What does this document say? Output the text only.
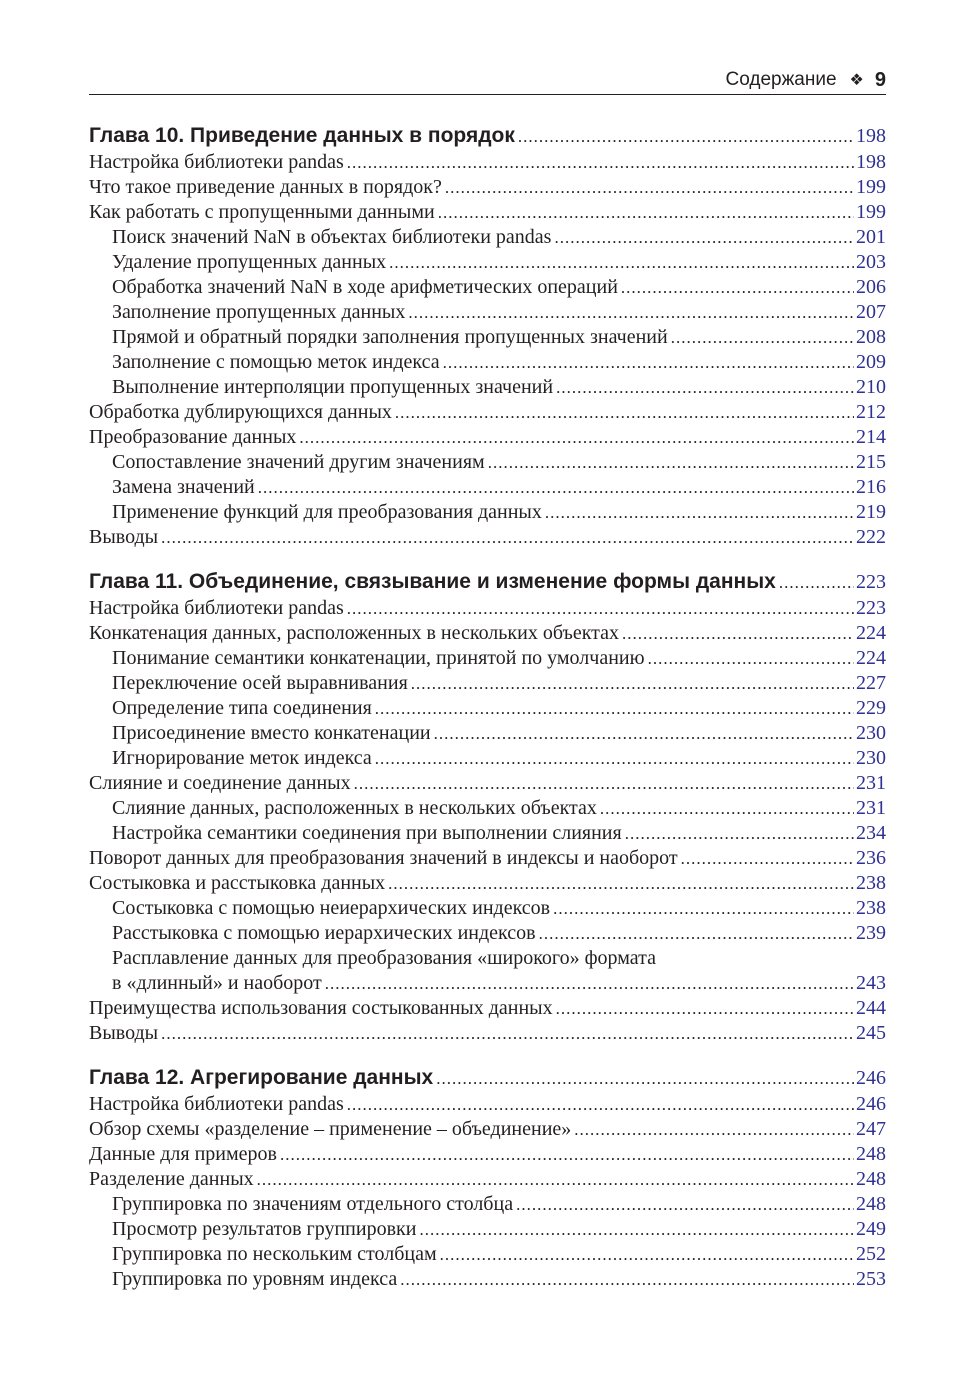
Содержание ❖ 9
Глава 10. Приведение данных в порядок .....	198
Настройка библиотеки pandas .....	198
Что такое приведение данных в порядок? .....	199
Как работать с пропущенными данными .....	199
Поиск значений NaN в объектах библиотеки pandas .....	201
Удаление пропущенных данных .....	203
Обработка значений NaN в ходе арифметических операций .....	206
Заполнение пропущенных данных .....	207
Прямой и обратный порядки заполнения пропущенных значений .....	208
Заполнение с помощью меток индекса .....	209
Выполнение интерполяции пропущенных значений .....	210
Обработка дублирующихся данных .....	212
Преобразование данных .....	214
Сопоставление значений другим значениям .....	215
Замена значений .....	216
Применение функций для преобразования данных .....	219
Выводы .....	222
Глава 11. Объединение, связывание и изменение формы данных .....	223
Настройка библиотеки pandas .....	223
Конкатенация данных, расположенных в нескольких объектах .....	224
Понимание семантики конкатенации, принятой по умолчанию .....	224
Переключение осей выравнивания .....	227
Определение типа соединения .....	229
Присоединение вместо конкатенации .....	230
Игнорирование меток индекса .....	230
Слияние и соединение данных .....	231
Слияние данных, расположенных в нескольких объектах .....	231
Настройка семантики соединения при выполнении слияния .....	234
Поворот данных для преобразования значений в индексы и наоборот .....	236
Состыковка и расстыковка данных .....	238
Состыковка с помощью неиерархических индексов .....	238
Расстыковка с помощью иерархических индексов .....	239
Расплавление данных для преобразования «широкого» формата
в «длинный» и наоборот .....	243
Преимущества использования состыкованных данных .....	244
Выводы .....	245
Глава 12. Агрегирование данных .....	246
Настройка библиотеки pandas .....	246
Обзор схемы «разделение – применение – объединение» .....	247
Данные для примеров .....	248
Разделение данных .....	248
Группировка по значениям отдельного столбца .....	248
Просмотр результатов группировки .....	249
Группировка по нескольким столбцам .....	252
Группировка по уровням индекса .....	253
